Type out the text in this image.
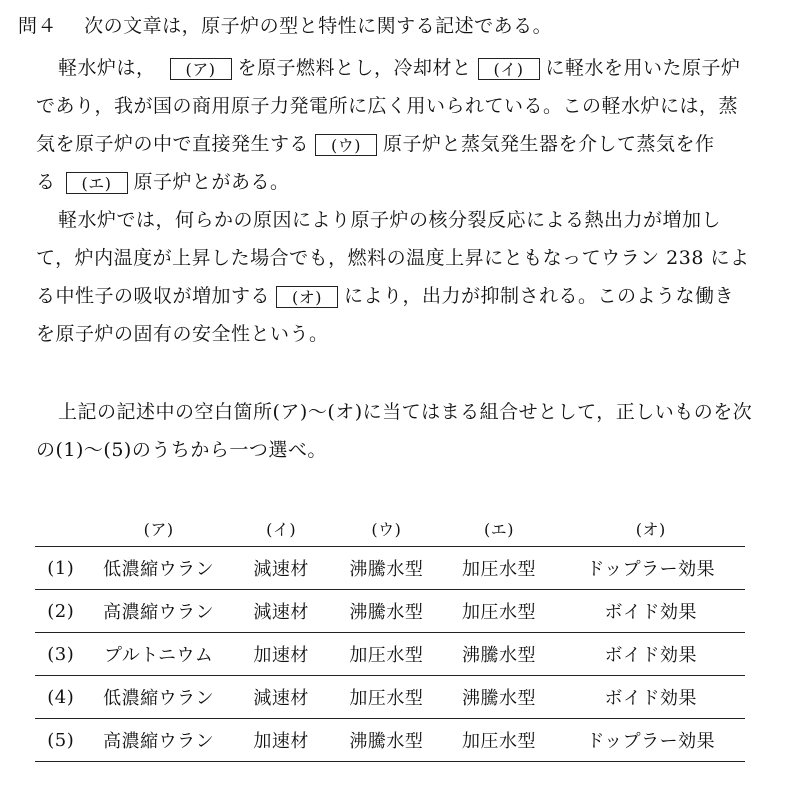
問４ 次の文章は，原子炉の型と特性に関する記述である。
軽水炉は， (ア) を原子燃料とし，冷却材と (イ) に軽水を用いた原子炉
であり，我が国の商用原子力発電所に広く用いられている。この軽水炉には，蒸
気を原子炉の中で直接発生する (ウ) 原子炉と蒸気発生器を介して蒸気を作
る (エ) 原子炉とがある。
軽水炉では，何らかの原因により原子炉の核分裂反応による熱出力が増加し
て，炉内温度が上昇した場合でも，燃料の温度上昇にともなってウラン 238 によ
る中性子の吸収が増加する (オ) により，出力が抑制される。このような働き
を原子炉の固有の安全性という。
上記の記述中の空白箇所(ア)～(オ)に当てはまる組合せとして，正しいものを次
の(1)～(5)のうちから一つ選べ。
	(ア)	(イ)	(ウ)	(エ)	(オ)
(1)	低濃縮ウラン	減速材	沸騰水型	加圧水型	ドップラー効果
(2)	高濃縮ウラン	減速材	沸騰水型	加圧水型	ボイド効果
(3)	プルトニウム	加速材	加圧水型	沸騰水型	ボイド効果
(4)	低濃縮ウラン	減速材	加圧水型	沸騰水型	ボイド効果
(5)	高濃縮ウラン	加速材	沸騰水型	加圧水型	ドップラー効果
